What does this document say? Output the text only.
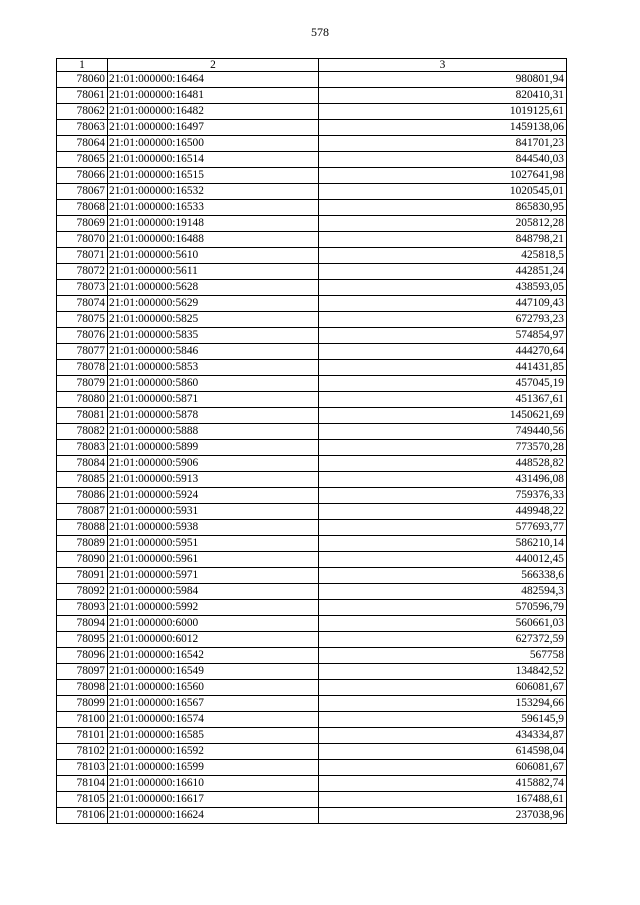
578
1	2	3
78060	21:01:000000:16464	980801,94
78061	21:01:000000:16481	820410,31
78062	21:01:000000:16482	1019125,61
78063	21:01:000000:16497	1459138,06
78064	21:01:000000:16500	841701,23
78065	21:01:000000:16514	844540,03
78066	21:01:000000:16515	1027641,98
78067	21:01:000000:16532	1020545,01
78068	21:01:000000:16533	865830,95
78069	21:01:000000:19148	205812,28
78070	21:01:000000:16488	848798,21
78071	21:01:000000:5610	425818,5
78072	21:01:000000:5611	442851,24
78073	21:01:000000:5628	438593,05
78074	21:01:000000:5629	447109,43
78075	21:01:000000:5825	672793,23
78076	21:01:000000:5835	574854,97
78077	21:01:000000:5846	444270,64
78078	21:01:000000:5853	441431,85
78079	21:01:000000:5860	457045,19
78080	21:01:000000:5871	451367,61
78081	21:01:000000:5878	1450621,69
78082	21:01:000000:5888	749440,56
78083	21:01:000000:5899	773570,28
78084	21:01:000000:5906	448528,82
78085	21:01:000000:5913	431496,08
78086	21:01:000000:5924	759376,33
78087	21:01:000000:5931	449948,22
78088	21:01:000000:5938	577693,77
78089	21:01:000000:5951	586210,14
78090	21:01:000000:5961	440012,45
78091	21:01:000000:5971	566338,6
78092	21:01:000000:5984	482594,3
78093	21:01:000000:5992	570596,79
78094	21:01:000000:6000	560661,03
78095	21:01:000000:6012	627372,59
78096	21:01:000000:16542	567758
78097	21:01:000000:16549	134842,52
78098	21:01:000000:16560	606081,67
78099	21:01:000000:16567	153294,66
78100	21:01:000000:16574	596145,9
78101	21:01:000000:16585	434334,87
78102	21:01:000000:16592	614598,04
78103	21:01:000000:16599	606081,67
78104	21:01:000000:16610	415882,74
78105	21:01:000000:16617	167488,61
78106	21:01:000000:16624	237038,96
